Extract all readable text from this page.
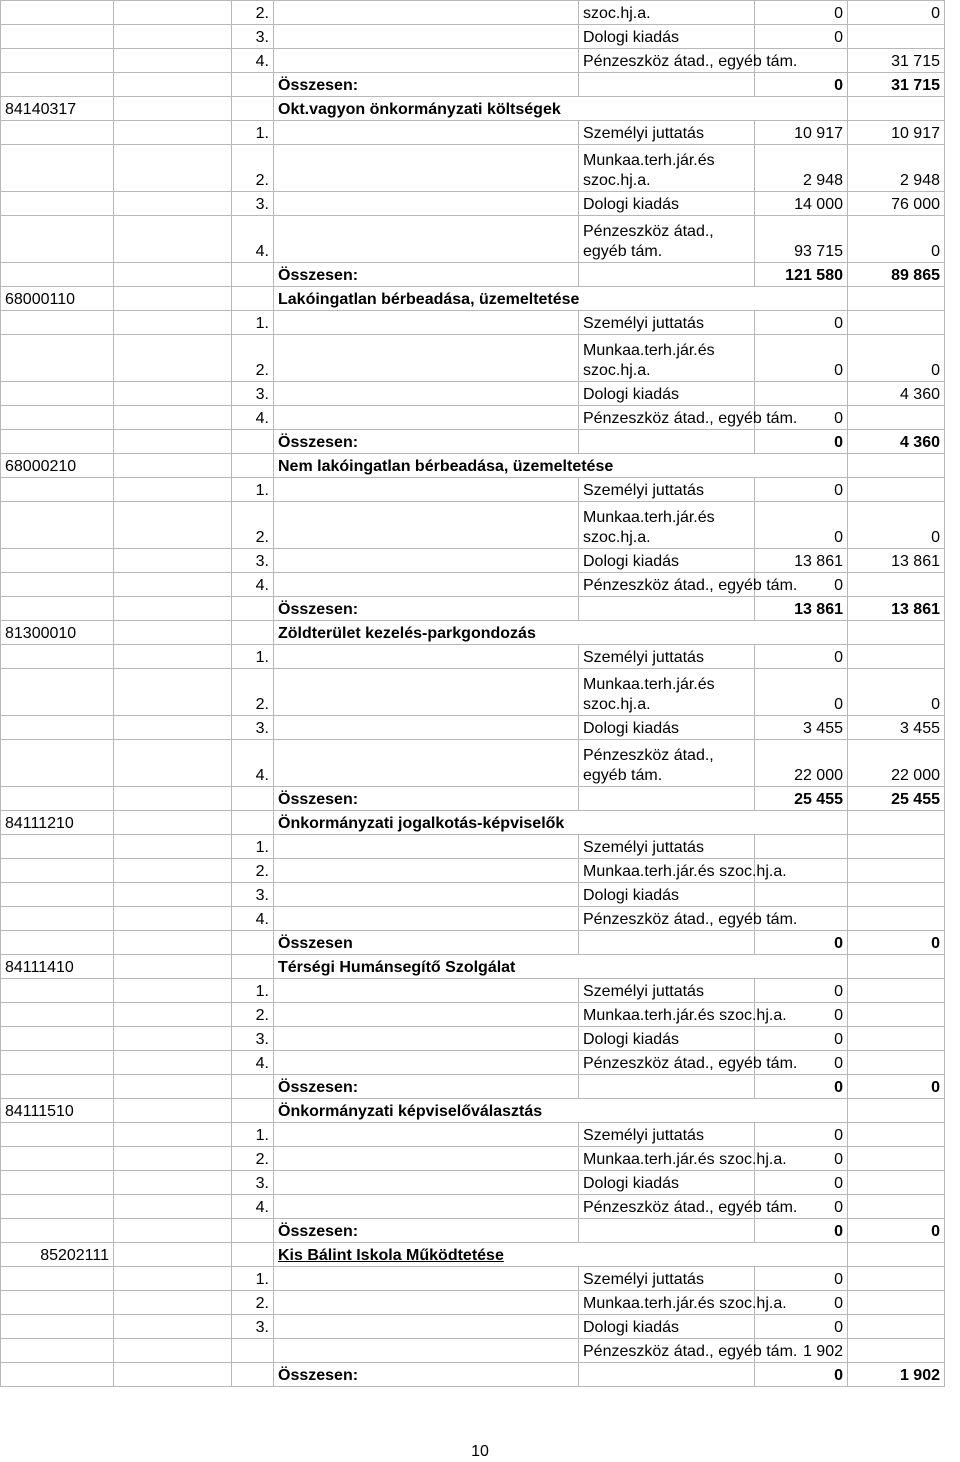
		2.		szoc.hj.a.	0	0
		3.		Dologi kiadás	0	
		4.		Pénzeszköz átad., egyéb tám.		31 715
			Összesen:		0	31 715
84140317			Okt.vagyon önkormányzati költségek			
		1.		Személyi juttatás	10 917	10 917
		2.		Munkaa.terh.jár.és szoc.hj.a.	2 948	2 948
		3.		Dologi kiadás	14 000	76 000
		4.		Pénzeszköz átad., egyéb tám.	93 715	0
			Összesen:		121 580	89 865
68000110			Lakóingatlan bérbeadása, üzemeltetése			
		1.		Személyi juttatás	0	
		2.		Munkaa.terh.jár.és szoc.hj.a.	0	0
		3.		Dologi kiadás		4 360
		4.		Pénzeszköz átad., egyéb tám.	0	
			Összesen:		0	4 360
68000210			Nem lakóingatlan bérbeadása, üzemeltetése			
		1.		Személyi juttatás	0	
		2.		Munkaa.terh.jár.és szoc.hj.a.	0	0
		3.		Dologi kiadás	13 861	13 861
		4.		Pénzeszköz átad., egyéb tám.	0	
			Összesen:		13 861	13 861
81300010			Zöldterület kezelés-parkgondozás			
		1.		Személyi juttatás	0	
		2.		Munkaa.terh.jár.és szoc.hj.a.	0	0
		3.		Dologi kiadás	3 455	3 455
		4.		Pénzeszköz átad., egyéb tám.	22 000	22 000
			Összesen:		25 455	25 455
84111210			Önkormányzati jogalkotás-képviselők			
		1.		Személyi juttatás		
		2.		Munkaa.terh.jár.és szoc.hj.a.		
		3.		Dologi kiadás		
		4.		Pénzeszköz átad., egyéb tám.		
			Összesen		0	0
84111410			Térségi Humánsegítő Szolgálat			
		1.		Személyi juttatás	0	
		2.		Munkaa.terh.jár.és szoc.hj.a.	0	
		3.		Dologi kiadás	0	
		4.		Pénzeszköz átad., egyéb tám.	0	
			Összesen:		0	0
84111510			Önkormányzati képviselőválasztás			
		1.		Személyi juttatás	0	
		2.		Munkaa.terh.jár.és szoc.hj.a.	0	
		3.		Dologi kiadás	0	
		4.		Pénzeszköz átad., egyéb tám.	0	
			Összesen:		0	0
85202111			Kis Bálint Iskola Működtetése			
		1.		Személyi juttatás	0	
		2.		Munkaa.terh.jár.és szoc.hj.a.	0	
		3.		Dologi kiadás	0	
				Pénzeszköz átad., egyéb tám.	1 902	
			Összesen:		0	1 902
10
